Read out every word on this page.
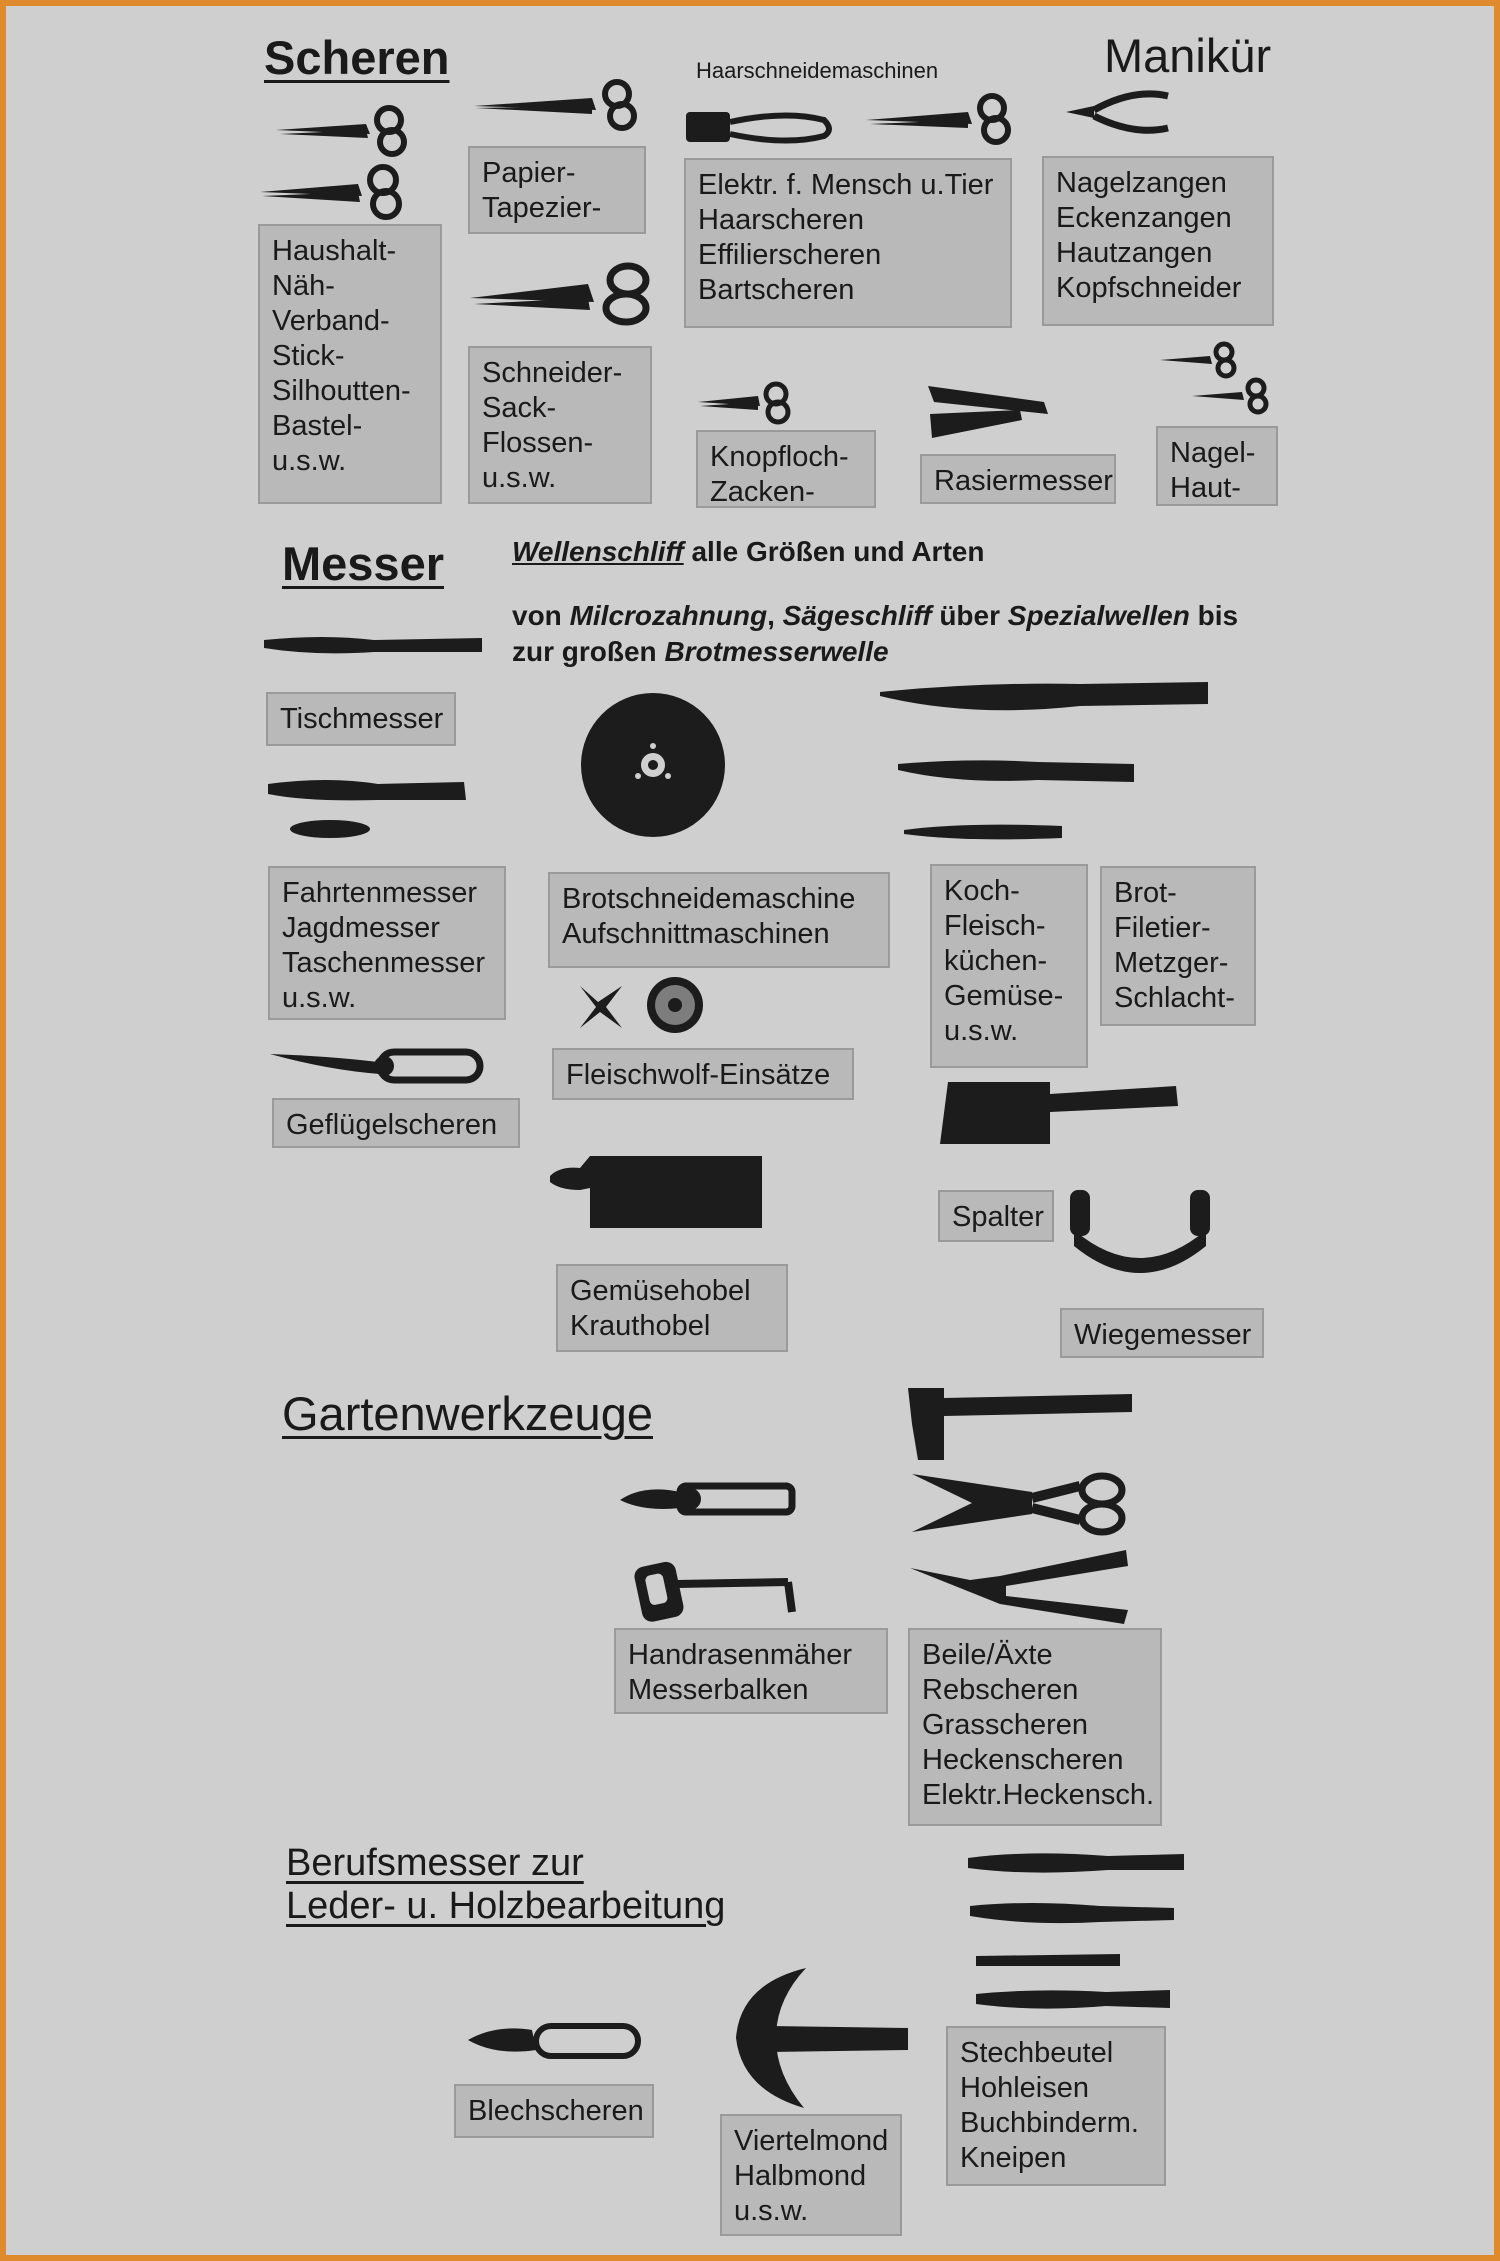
Scheren	Manikür
Haarschneidemaschinen
Messer
Gartenwerkzeuge
Berufsmesser zur
Leder- u. Holzbearbeitung
Wellenschliff alle Größen und Arten
von Milcrozahnung, Sägeschliff über Spezialwellen bis
zur großen Brotmesserwelle
Haushalt-
Näh-
Verband-
Stick-
Silhoutten-
Bastel-
u.s.w.
Papier-
Tapezier-
Elektr. f. Mensch u.Tier
Haarscheren
Effilierscheren
Bartscheren
Nagelzangen
Eckenzangen
Hautzangen
Kopfschneider
Schneider-
Sack-
Flossen-
u.s.w.
Knopfloch-
Zacken-	Rasiermesser
Nagel-
Haut-
Tischmesser
Fahrtenmesser
Jagdmesser
Taschenmesser
u.s.w.
Brotschneidemaschine
Aufschnittmaschinen
Koch-
Fleisch-
küchen-
Gemüse-
u.s.w.
Brot-
Filetier-
Metzger-
Schlacht-
Fleischwolf-Einsätze
Geflügelscheren
Spalter
Gemüsehobel
Krauthobel	Wiegemesser
Handrasenmäher
Messerbalken
Beile/Äxte
Rebscheren
Grasscheren
Heckenscheren
Elektr.Heckensch.
Blechscheren
Viertelmond
Halbmond
u.s.w.
Stechbeutel
Hohleisen
Buchbinderm.
Kneipen
